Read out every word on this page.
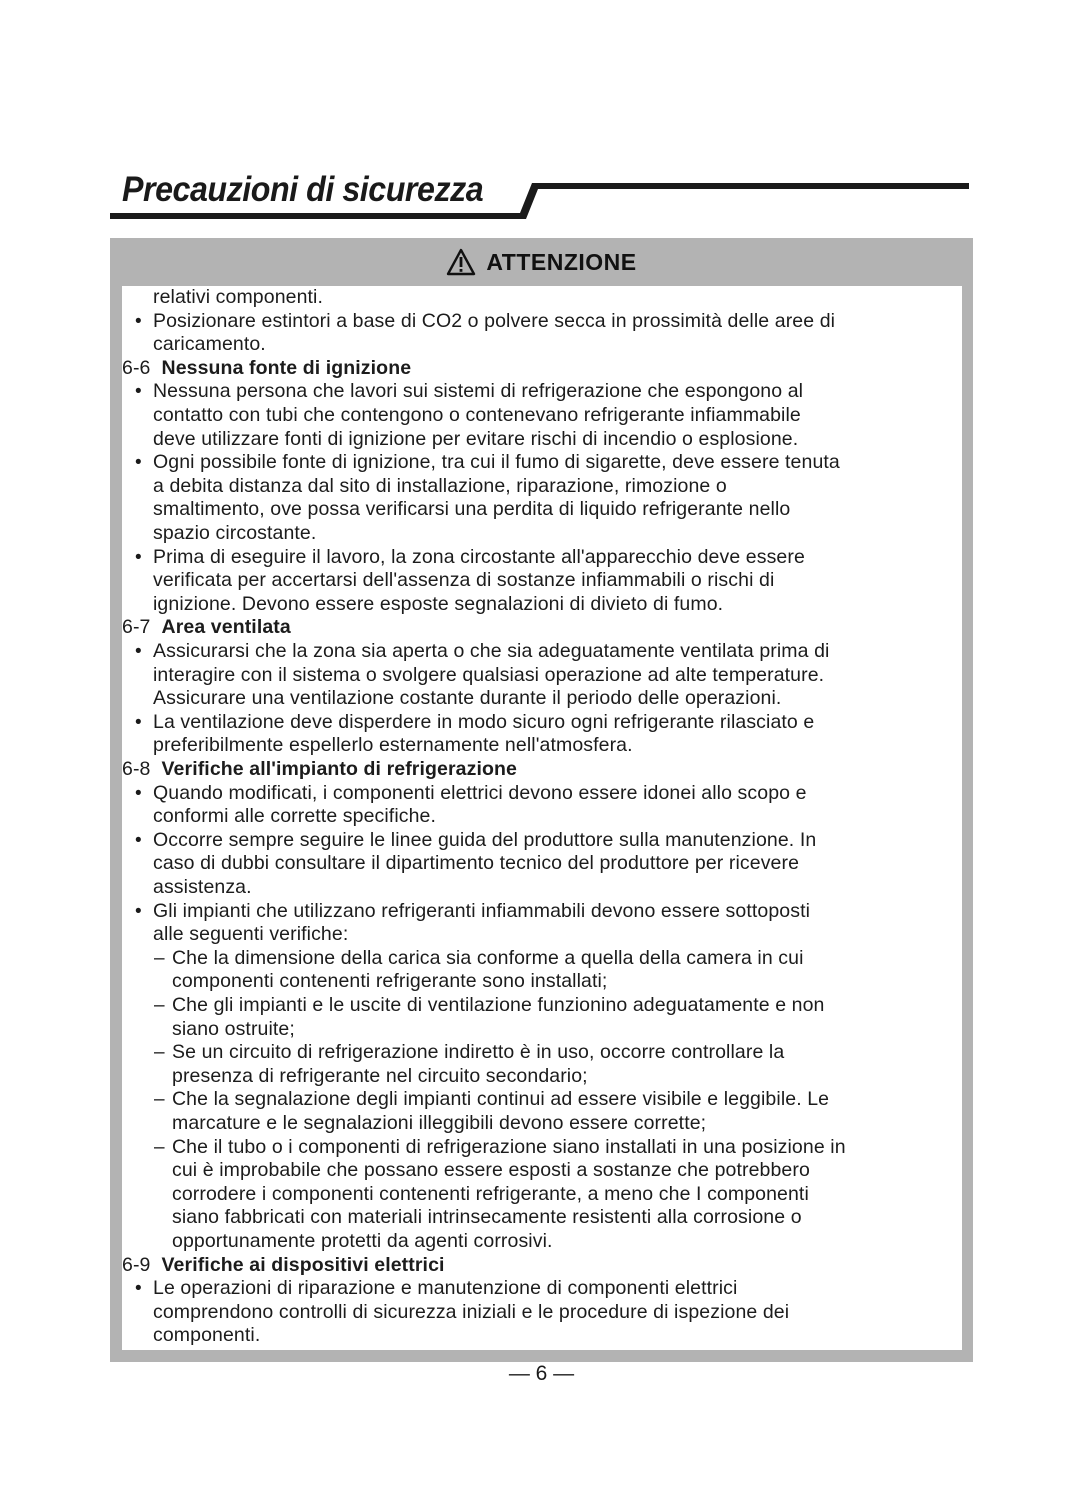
Precauzioni di sicurezza
ATTENZIONE
relativi componenti.
• Posizionare estintori a base di CO2 o polvere secca in prossimità delle aree di
caricamento.
6-6  Nessuna fonte di ignizione
• Nessuna persona che lavori sui sistemi di refrigerazione che espongono al
contatto con tubi che contengono o contenevano refrigerante infiammabile
deve utilizzare fonti di ignizione per evitare rischi di incendio o esplosione.
• Ogni possibile fonte di ignizione, tra cui il fumo di sigarette, deve essere tenuta
a debita distanza dal sito di installazione, riparazione, rimozione o
smaltimento, ove possa verificarsi una perdita di liquido refrigerante nello
spazio circostante.
• Prima di eseguire il lavoro, la zona circostante all'apparecchio deve essere
verificata per accertarsi dell'assenza di sostanze infiammabili o rischi di
ignizione. Devono essere esposte segnalazioni di divieto di fumo.
6-7  Area ventilata
• Assicurarsi che la zona sia aperta o che sia adeguatamente ventilata prima di
interagire con il sistema o svolgere qualsiasi operazione ad alte temperature.
Assicurare una ventilazione costante durante il periodo delle operazioni.
• La ventilazione deve disperdere in modo sicuro ogni refrigerante rilasciato e
preferibilmente espellerlo esternamente nell'atmosfera.
6-8  Verifiche all'impianto di refrigerazione
• Quando modificati, i componenti elettrici devono essere idonei allo scopo e
conformi alle corrette specifiche.
• Occorre sempre seguire le linee guida del produttore sulla manutenzione. In
caso di dubbi consultare il dipartimento tecnico del produttore per ricevere
assistenza.
• Gli impianti che utilizzano refrigeranti infiammabili devono essere sottoposti
alle seguenti verifiche:
– Che la dimensione della carica sia conforme a quella della camera in cui
componenti contenenti refrigerante sono installati;
– Che gli impianti e le uscite di ventilazione funzionino adeguatamente e non
siano ostruite;
– Se un circuito di refrigerazione indiretto è in uso, occorre controllare la
presenza di refrigerante nel circuito secondario;
– Che la segnalazione degli impianti continui ad essere visibile e leggibile. Le
marcature e le segnalazioni illeggibili devono essere corrette;
– Che il tubo o i componenti di refrigerazione siano installati in una posizione in
cui è improbabile che possano essere esposti a sostanze che potrebbero
corrodere i componenti contenenti refrigerante, a meno che I componenti
siano fabbricati con materiali intrinsecamente resistenti alla corrosione o
opportunamente protetti da agenti corrosivi.
6-9  Verifiche ai dispositivi elettrici
• Le operazioni di riparazione e manutenzione di componenti elettrici
comprendono controlli di sicurezza iniziali e le procedure di ispezione dei
componenti.
— 6 —
